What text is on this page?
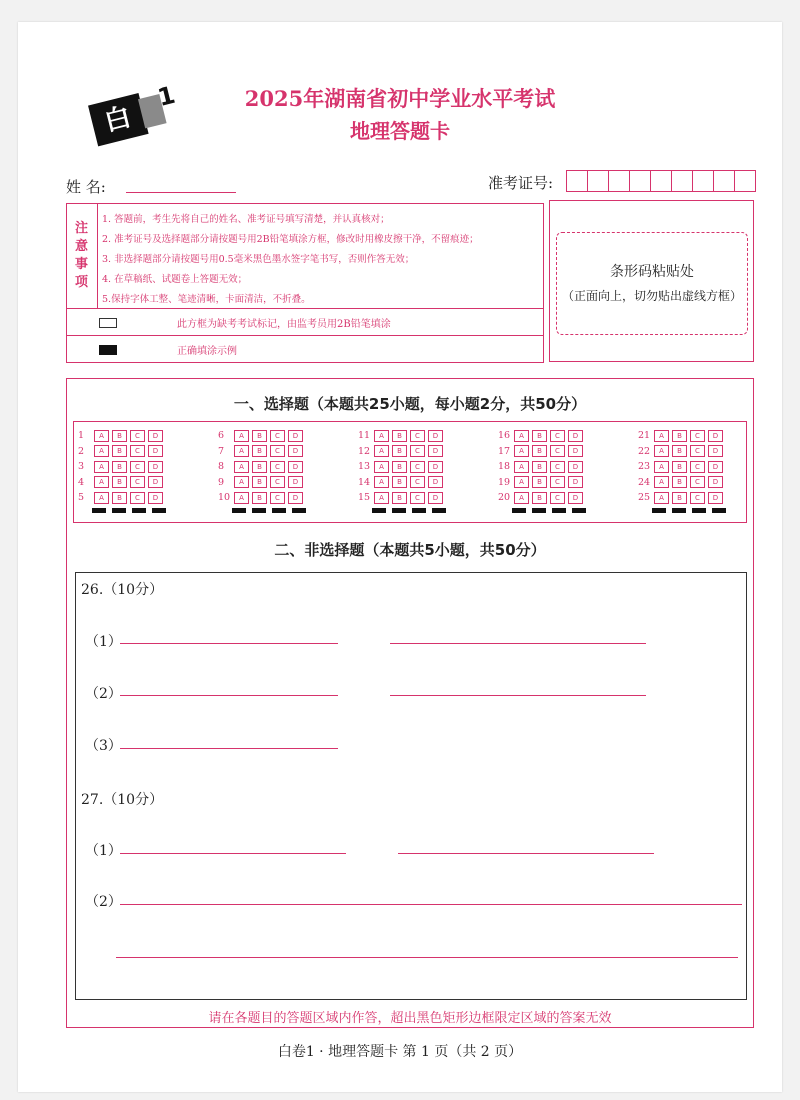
白卷
1	2025年湖南省初中学业水平考试
地理答题卡
姓 名:	准考证号:
注意事项
1. 答题前，考生先将自己的姓名、准考证号填写清楚，并认真核对；
2. 准考证号及选择题部分请按题号用2B铅笔填涂方框，修改时用橡皮擦干净，不留痕迹；
3. 非选择题部分请按题号用0.5毫米黑色墨水签字笔书写，否则作答无效；
4. 在草稿纸、试题卷上答题无效；
5.保持字体工整、笔迹清晰，卡面清洁，不折叠。
此方框为缺考考试标记，由监考员用2B铅笔填涂
正确填涂示例
条形码粘贴处
（正面向上，切勿贴出虚线方框）
一、选择题（本题共25小题，每小题2分，共50分）
1	A	B	C	D
2	A	B	C	D
3	A	B	C	D
4	A	B	C	D
5	A	B	C	D
6	A	B	C	D
7	A	B	C	D
8	A	B	C	D
9	A	B	C	D
10	A	B	C	D
11	A	B	C	D
12	A	B	C	D
13	A	B	C	D
14	A	B	C	D
15	A	B	C	D
16	A	B	C	D
17	A	B	C	D
18	A	B	C	D
19	A	B	C	D
20	A	B	C	D
21	A	B	C	D
22	A	B	C	D
23	A	B	C	D
24	A	B	C	D
25	A	B	C	D
二、非选择题（本题共5小题，共50分）
26.（10分）
（1）
（2）
（3）
27.（10分）
（1）
（2）
请在各题目的答题区域内作答，超出黑色矩形边框限定区域的答案无效
白卷1 · 地理答题卡 第 1 页（共 2 页）
